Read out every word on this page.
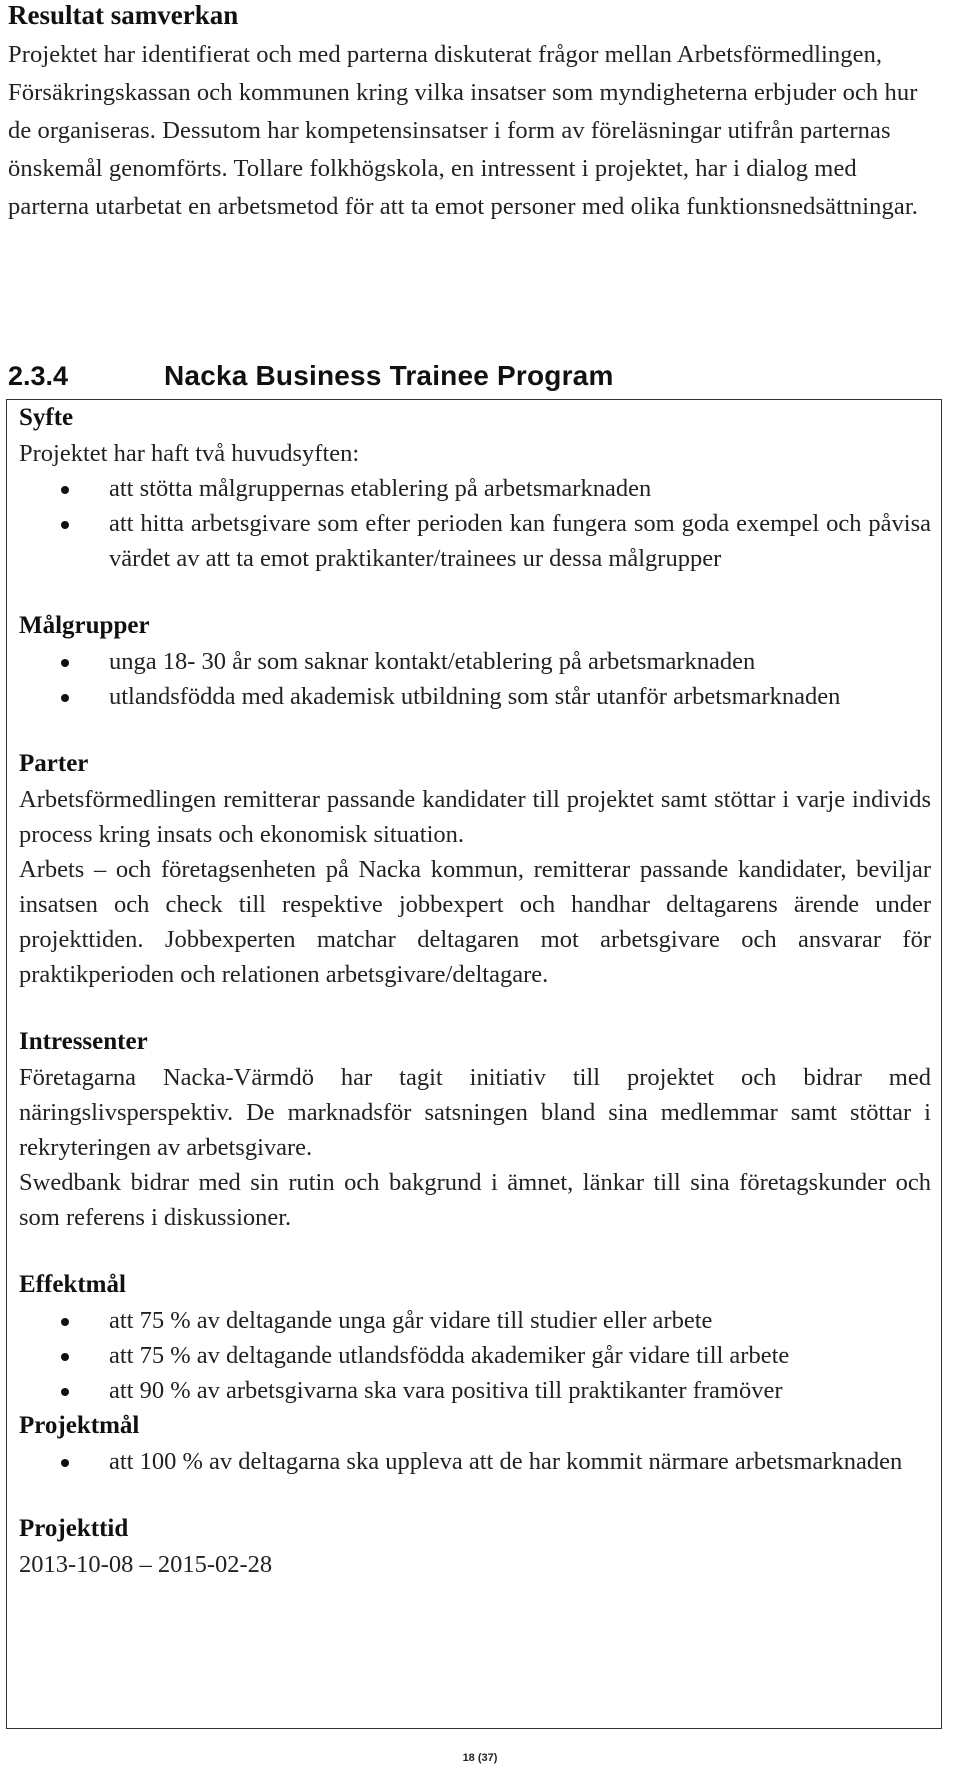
Resultat samverkan

Projektet har identifierat och med parterna diskuterat frågor mellan Arbetsförmedlingen, Försäkringskassan och kommunen kring vilka insatser som myndigheterna erbjuder och hur de organiseras. Dessutom har kompetensinsatser i form av föreläsningar utifrån parternas önskemål genomförts. Tollare folkhögskola, en intressent i projektet, har i dialog med parterna utarbetat en arbetsmetod för att ta emot personer med olika funktionsnedsättningar.

2.3.4	Nacka Business Trainee Program
Syfte

Projektet har haft två huvudsyften:

att stötta målgruppernas etablering på arbetsmarknaden
att hitta arbetsgivare som efter perioden kan fungera som goda exempel och påvisa värdet av att ta emot praktikanter/trainees ur dessa målgrupper
Målgrupper
unga 18- 30 år som saknar kontakt/etablering på arbetsmarknaden
utlandsfödda med akademisk utbildning som står utanför arbetsmarknaden
Parter

Arbetsförmedlingen remitterar passande kandidater till projektet samt stöttar i varje individs process kring insats och ekonomisk situation.

Arbets – och företagsenheten på Nacka kommun, remitterar passande kandidater, beviljar insatsen och check till respektive jobbexpert och handhar deltagarens ärende under projekttiden. Jobbexperten matchar deltagaren mot arbetsgivare och ansvarar för praktikperioden och relationen arbetsgivare/deltagare.

Intressenter

Företagarna Nacka-Värmdö har tagit initiativ till projektet och bidrar med näringslivsperspektiv. De marknadsför satsningen bland sina medlemmar samt stöttar i rekryteringen av arbetsgivare.

Swedbank bidrar med sin rutin och bakgrund i ämnet, länkar till sina företagskunder och som referens i diskussioner.

Effektmål
att 75 % av deltagande unga går vidare till studier eller arbete
att 75 % av deltagande utlandsfödda akademiker går vidare till arbete
att 90 % av arbetsgivarna ska vara positiva till praktikanter framöver
Projektmål
att 100 % av deltagarna ska uppleva att de har kommit närmare arbetsmarknaden
Projekttid

2013-10-08 – 2015-02-28

18 (37)
